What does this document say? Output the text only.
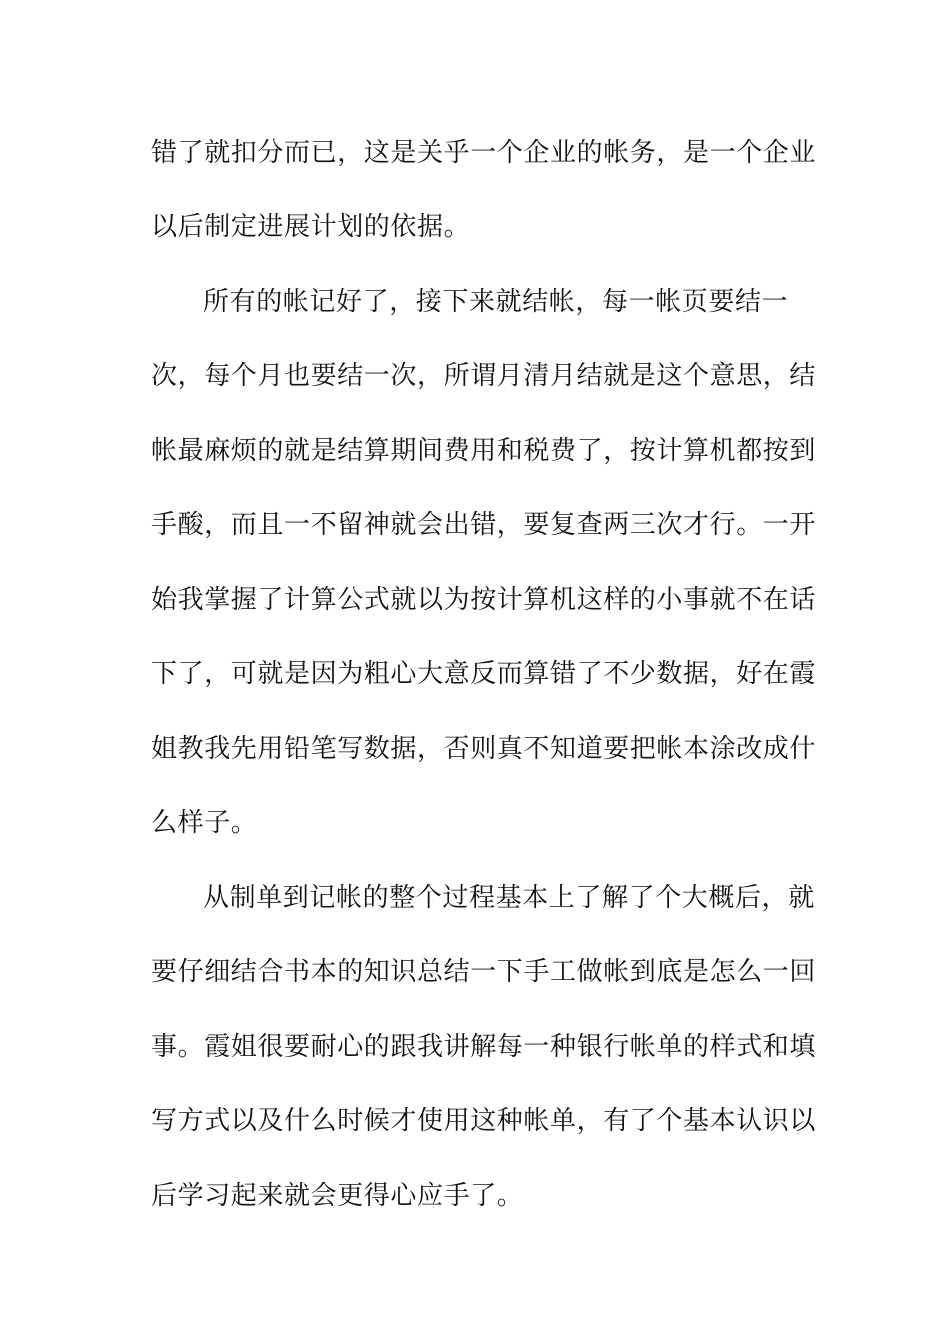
错了就扣分而已，这是关乎一个企业的帐务，是一个企业
以后制定进展计划的依据。
所有的帐记好了，接下来就结帐，每一帐页要结一
次，每个月也要结一次，所谓月清月结就是这个意思，结
帐最麻烦的就是结算期间费用和税费了，按计算机都按到
手酸，而且一不留神就会出错，要复查两三次才行。一开
始我掌握了计算公式就以为按计算机这样的小事就不在话
下了，可就是因为粗心大意反而算错了不少数据，好在霞
姐教我先用铅笔写数据，否则真不知道要把帐本涂改成什
么样子。
从制单到记帐的整个过程基本上了解了个大概后，就
要仔细结合书本的知识总结一下手工做帐到底是怎么一回
事。霞姐很要耐心的跟我讲解每一种银行帐单的样式和填
写方式以及什么时候才使用这种帐单，有了个基本认识以
后学习起来就会更得心应手了。
